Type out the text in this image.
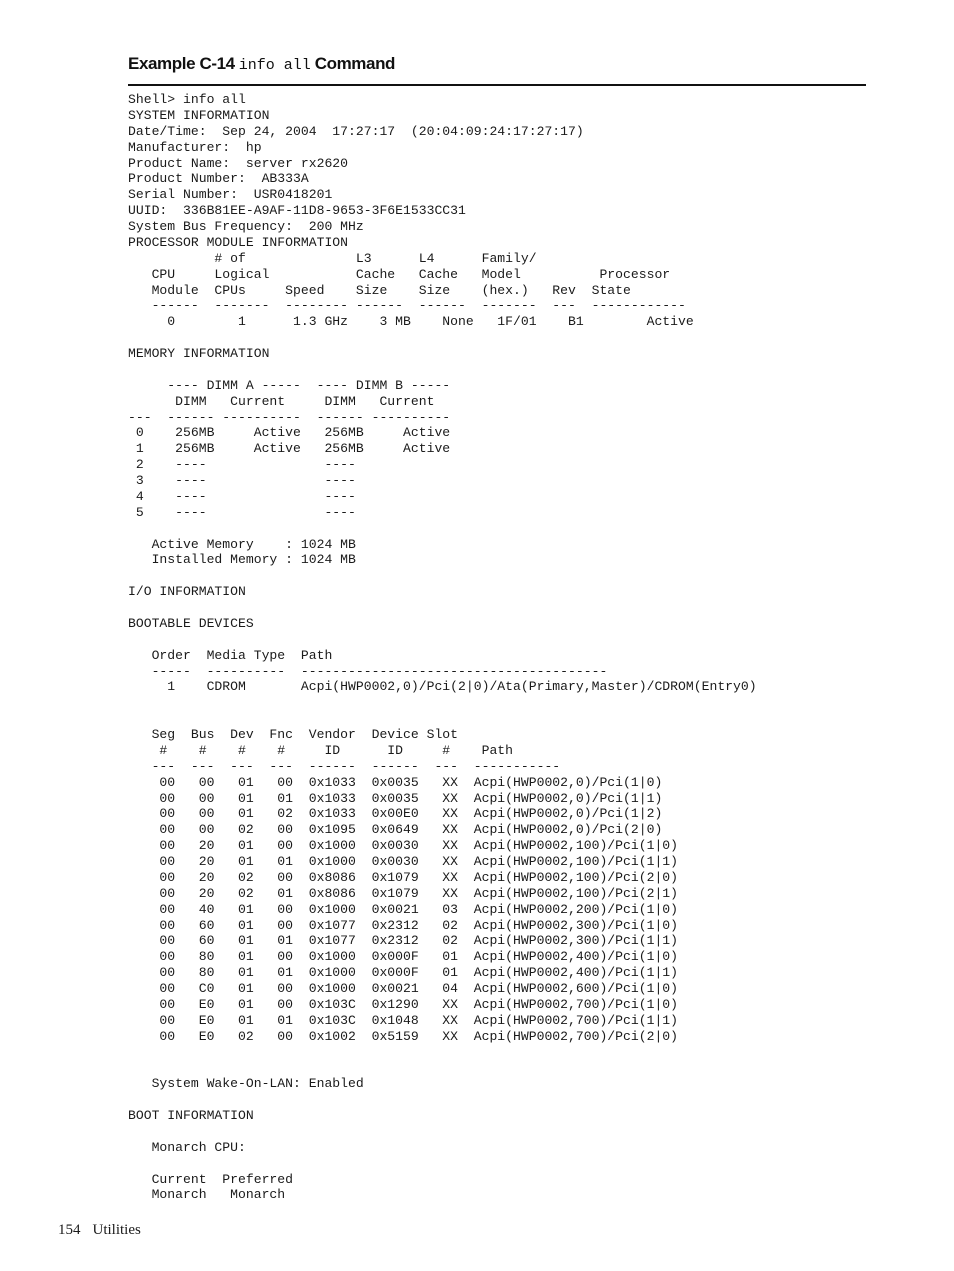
Example C-14 info all Command
Shell> info all
SYSTEM INFORMATION
Date/Time:  Sep 24, 2004  17:27:17  (20:04:09:24:17:27:17)
Manufacturer:  hp
Product Name:  server rx2620
Product Number:  AB333A
Serial Number:  USR0418201
UUID:  336B81EE-A9AF-11D8-9653-3F6E1533CC31
System Bus Frequency:  200 MHz
PROCESSOR MODULE INFORMATION
# of              L3      L4      Family/
CPU     Logical           Cache   Cache   Model          Processor
Module  CPUs     Speed    Size    Size    (hex.)   Rev  State
------  -------  -------- ------  ------  -------  ---  ------------
0        1      1.3 GHz    3 MB    None   1F/01    B1        Active

MEMORY INFORMATION

---- DIMM A -----  ---- DIMM B -----
DIMM   Current     DIMM   Current
---  ------ ----------  ------ ----------
0    256MB     Active   256MB     Active
1    256MB     Active   256MB     Active
2    ----               ----
3    ----               ----
4    ----               ----
5    ----               ----

Active Memory    : 1024 MB
Installed Memory : 1024 MB

I/O INFORMATION

BOOTABLE DEVICES

Order  Media Type  Path
-----  ----------  ---------------------------------------
1    CDROM       Acpi(HWP0002,0)/Pci(2|0)/Ata(Primary,Master)/CDROM(Entry0)

Seg  Bus  Dev  Fnc  Vendor  Device Slot
#    #    #    #     ID      ID     #    Path
---  ---  ---  ---  ------  ------  ---  -----------
00   00   01   00  0x1033  0x0035   XX  Acpi(HWP0002,0)/Pci(1|0)
00   00   01   01  0x1033  0x0035   XX  Acpi(HWP0002,0)/Pci(1|1)
00   00   01   02  0x1033  0x00E0   XX  Acpi(HWP0002,0)/Pci(1|2)
00   00   02   00  0x1095  0x0649   XX  Acpi(HWP0002,0)/Pci(2|0)
00   20   01   00  0x1000  0x0030   XX  Acpi(HWP0002,100)/Pci(1|0)
00   20   01   01  0x1000  0x0030   XX  Acpi(HWP0002,100)/Pci(1|1)
00   20   02   00  0x8086  0x1079   XX  Acpi(HWP0002,100)/Pci(2|0)
00   20   02   01  0x8086  0x1079   XX  Acpi(HWP0002,100)/Pci(2|1)
00   40   01   00  0x1000  0x0021   03  Acpi(HWP0002,200)/Pci(1|0)
00   60   01   00  0x1077  0x2312   02  Acpi(HWP0002,300)/Pci(1|0)
00   60   01   01  0x1077  0x2312   02  Acpi(HWP0002,300)/Pci(1|1)
00   80   01   00  0x1000  0x000F   01  Acpi(HWP0002,400)/Pci(1|0)
00   80   01   01  0x1000  0x000F   01  Acpi(HWP0002,400)/Pci(1|1)
00   C0   01   00  0x1000  0x0021   04  Acpi(HWP0002,600)/Pci(1|0)
00   E0   01   00  0x103C  0x1290   XX  Acpi(HWP0002,700)/Pci(1|0)
00   E0   01   01  0x103C  0x1048   XX  Acpi(HWP0002,700)/Pci(1|1)
00   E0   02   00  0x1002  0x5159   XX  Acpi(HWP0002,700)/Pci(2|0)

System Wake-On-LAN: Enabled

BOOT INFORMATION

Monarch CPU:

Current  Preferred
Monarch   Monarch
154 Utilities
